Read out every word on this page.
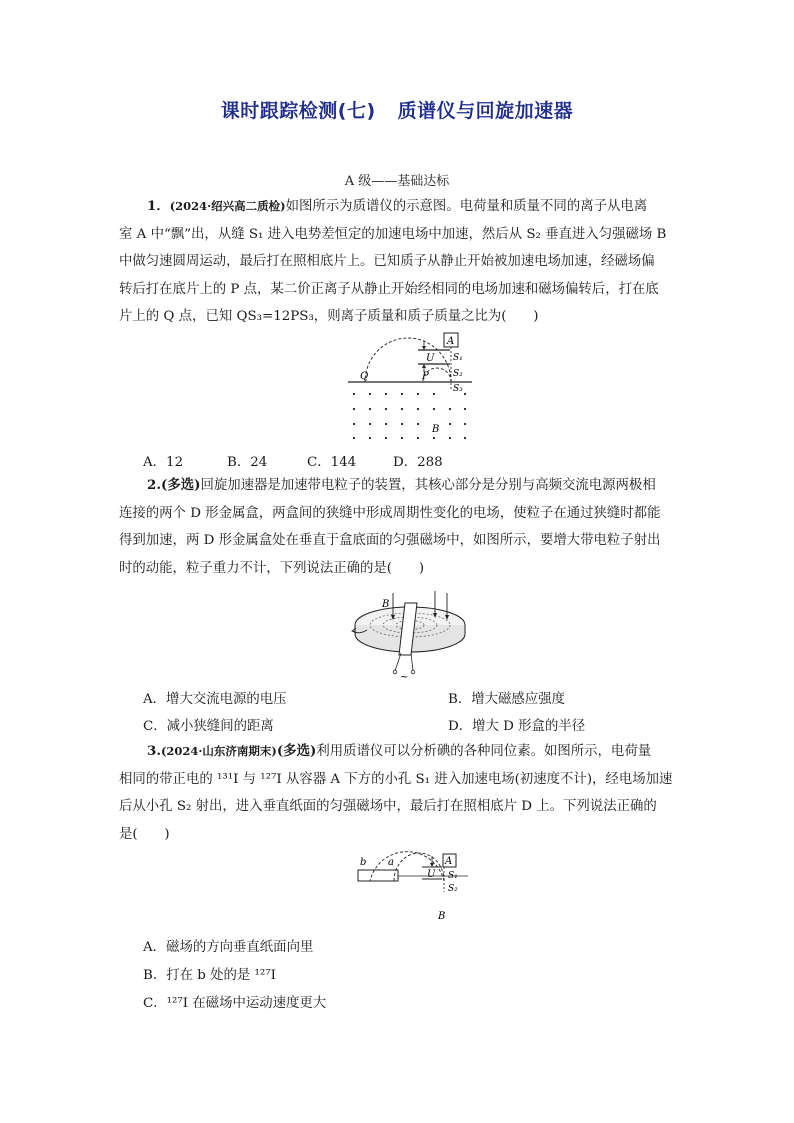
课时跟踪检测(七) 质谱仪与回旋加速器
A 级——基础达标
1．(2024·绍兴高二质检)如图所示为质谱仪的示意图。电荷量和质量不同的离子从电离
室 A 中“飘”出，从缝 S₁ 进入电势差恒定的加速电场中加速，然后从 S₂ 垂直进入匀强磁场 B
中做匀速圆周运动，最后打在照相底片上。已知质子从静止开始被加速电场加速，经磁场偏
转后打在底片上的 P 点，某二价正离子从静止开始经相同的电场加速和磁场偏转后，打在底
片上的 Q 点，已知 QS₃=12PS₃，则离子质量和质子质量之比为(　　)
A
U S₁
S₂
S₃
Q	P
B
A．12	B．24	C．144	D．288
2.(多选)回旋加速器是加速带电粒子的装置，其核心部分是分别与高频交流电源两极相
连接的两个 D 形金属盒，两盒间的狭缝中形成周期性变化的电场，使粒子在通过狭缝时都能
得到加速，两 D 形金属盒处在垂直于盒底面的匀强磁场中，如图所示，要增大带电粒子射出
时的动能，粒子重力不计，下列说法正确的是(　　)
B
~
A．增大交流电源的电压	B．增大磁感应强度
C．减小狭缝间的距离	D．增大 D 形盒的半径
3.(2024·山东济南期末)(多选)利用质谱仪可以分析碘的各种同位素。如图所示，电荷量
相同的带正电的 ¹³¹I 与 ¹²⁷I 从容器 A 下方的小孔 S₁ 进入加速电场(初速度不计)，经电场加速
后从小孔 S₂ 射出，进入垂直纸面的匀强磁场中，最后打在照相底片 D 上。下列说法正确的
是(　　)
b a	A
U S₁
S₂
B
A．磁场的方向垂直纸面向里
B．打在 b 处的是 ¹²⁷I
C．¹²⁷I 在磁场中运动速度更大
